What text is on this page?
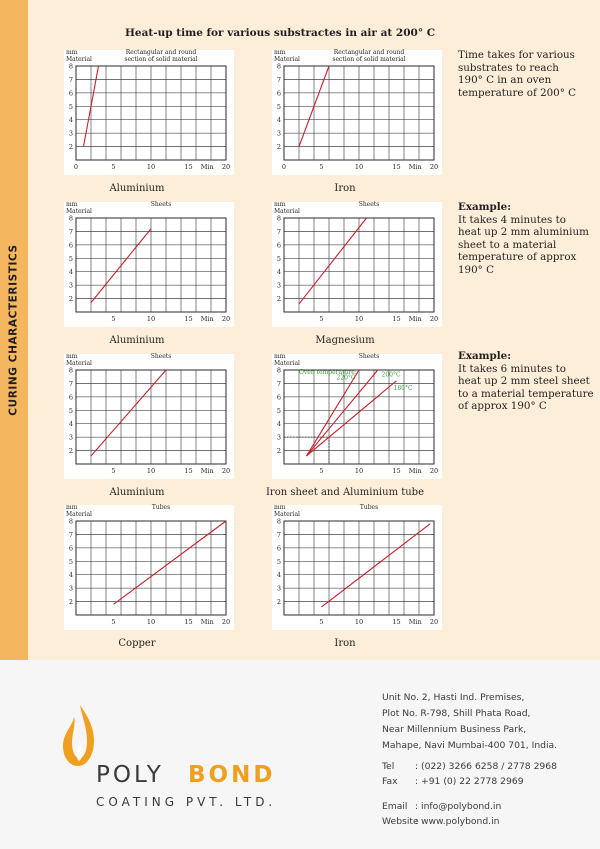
CURING CHARACTERISTICS
Heat-up time for various substractes in air at 200° C
2
3
4
5
6
7
8
0	5	10	15	20
Min
mm
Material
Rectangular and round
section of solid material
Aluminium
2
3
4
5
6
7
8
0	5	10	15	20
Min
mm
Material
Rectangular and round
section of solid material
Iron
2
3
4
5
6
7
8
5	10	15	20
Min
mm
Material
Sheets
Aluminium
2
3
4
5
6
7
8
5	10	15	20
Min
mm
Material
Sheets
Magnesium
2
3
4
5
6
7
8
5	10	15	20
Min
mm
Material
Sheets
Aluminium
2
3
4
5
6
7
8
5	10	15	20
Min
mm
Material
Sheets
Oven temperature:
220°C	200°C
180°C
Iron sheet and Aluminium tube
2
3
4
5
6
7
8
5	10	15	20
Min
mm
Material
Tubes
Copper
2
3
4
5
6
7
8
5	10	15	20
Min
mm
Material
Tubes
Iron
Time takes for various
substrates to reach
190° C in an oven
temperature of 200° C
Example:
It takes 4 minutes to
heat up 2 mm aluminium
sheet to a material
temperature of approx
190° C
Example:
It takes 6 minutes to
heat up 2 mm steel sheet
to a material temperature
of approx 190° C
POLY BOND
COATING PVT. LTD.
Unit No. 2, Hasti Ind. Premises,
Plot No. R-798, Shill Phata Road,
Near Millennium Business Park,
Mahape, Navi Mumbai-400 701, India.
Tel : (022) 3266 6258 / 2778 2968
Fax : +91 (0) 22 2778 2969
Email : info@polybond.in
Website
: www.polybond.in
